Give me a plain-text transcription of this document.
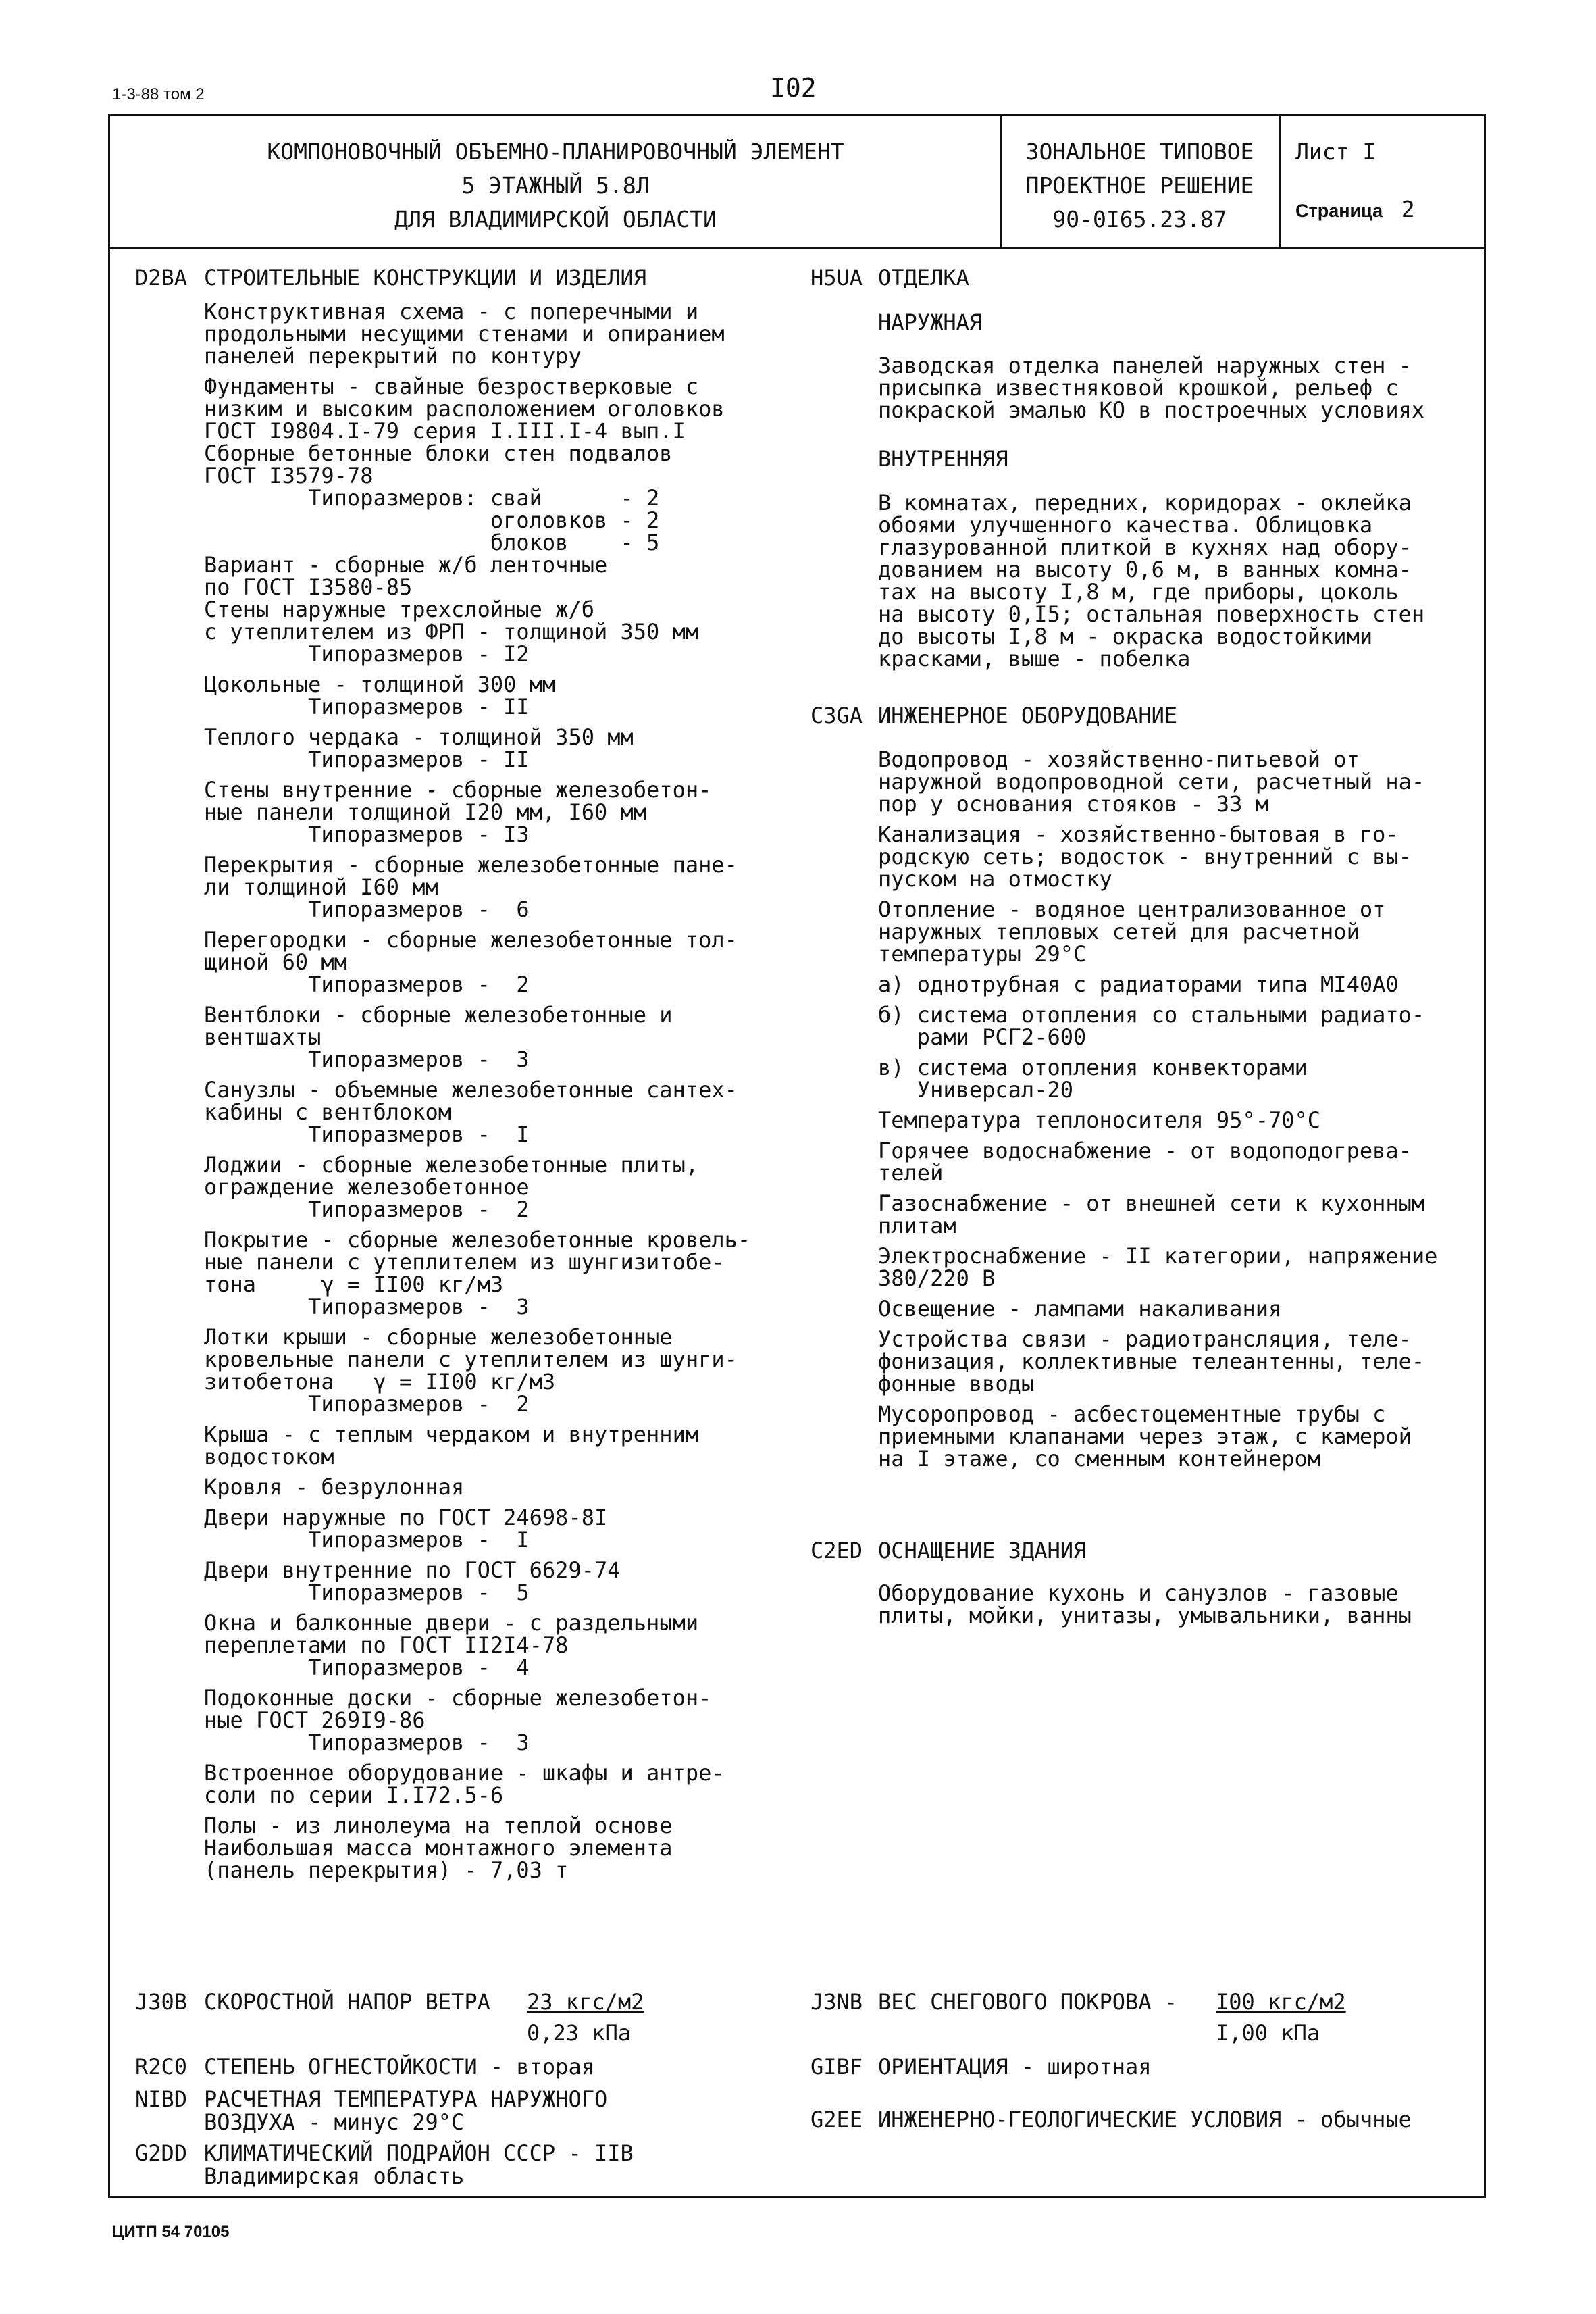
1-3-88 том 2	I02
КОМПОНОВОЧНЫЙ ОБЪЕМНО-ПЛАНИРОВОЧНЫЙ ЭЛЕМЕНТ
5 ЭТАЖНЫЙ 5.8Л
ДЛЯ ВЛАДИМИРСКОЙ ОБЛАСТИ
ЗОНАЛЬНОЕ ТИПОВОЕ
ПРОЕКТНОЕ РЕШЕНИЕ
90-0I65.23.87
Лист I
Страница 2
D2BA СТРОИТЕЛЬНЫЕ КОНСТРУКЦИИ И ИЗДЕЛИЯ
Конструктивная схема - с поперечными и
продольными несущими стенами и опиранием
панелей перекрытий по контуру
Фундаменты - свайные безростверковые с
низким и высоким расположением оголовков
ГОСТ I9804.I-79 серия I.III.I-4 вып.I
Сборные бетонные блоки стен подвалов
ГОСТ I3579-78
Типоразмеров: свай      - 2
оголовков - 2
блоков    - 5
Вариант - сборные ж/б ленточные
по ГОСТ I3580-85
Стены наружные трехслойные ж/б
с утеплителем из ФРП - толщиной 350 мм
Типоразмеров - I2
Цокольные - толщиной 300 мм
Типоразмеров - II
Теплого чердака - толщиной 350 мм
Типоразмеров - II
Стены внутренние - сборные железобетон-
ные панели толщиной I20 мм, I60 мм
Типоразмеров - I3
Перекрытия - сборные железобетонные пане-
ли толщиной I60 мм
Типоразмеров -  6
Перегородки - сборные железобетонные тол-
щиной 60 мм
Типоразмеров -  2
Вентблоки - сборные железобетонные и
вентшахты
Типоразмеров -  3
Санузлы - объемные железобетонные сантех-
кабины с вентблоком
Типоразмеров -  I
Лоджии - сборные железобетонные плиты,
ограждение железобетонное
Типоразмеров -  2
Покрытие - сборные железобетонные кровель-
ные панели с утеплителем из шунгизитобе-
тона     γ = II00 кг/м3
Типоразмеров -  3
Лотки крыши - сборные железобетонные
кровельные панели с утеплителем из шунги-
зитобетона   γ = II00 кг/м3
Типоразмеров -  2
Крыша - с теплым чердаком и внутренним
водостоком
Кровля - безрулонная
Двери наружные по ГОСТ 24698-8I
Типоразмеров -  I
Двери внутренние по ГОСТ 6629-74
Типоразмеров -  5
Окна и балконные двери - с раздельными
переплетами по ГОСТ II2I4-78
Типоразмеров -  4
Подоконные доски - сборные железобетон-
ные ГОСТ 269I9-86
Типоразмеров -  3
Встроенное оборудование - шкафы и антре-
соли по серии I.I72.5-6
Полы - из линолеума на теплой основе
Наибольшая масса монтажного элемента
(панель перекрытия) - 7,03 т
H5UA ОТДЕЛКА
НАРУЖНАЯ
Заводская отделка панелей наружных стен -
присыпка известняковой крошкой, рельеф с
покраской эмалью КО в построечных условиях
ВНУТРЕННЯЯ
В комнатах, передних, коридорах - оклейка
обоями улучшенного качества. Облицовка
глазурованной плиткой в кухнях над обору-
дованием на высоту 0,6 м, в ванных комна-
тах на высоту I,8 м, где приборы, цоколь
на высоту 0,I5; остальная поверхность стен
до высоты I,8 м - окраска водостойкими
красками, выше - побелка
C3GA ИНЖЕНЕРНОЕ ОБОРУДОВАНИЕ
Водопровод - хозяйственно-питьевой от
наружной водопроводной сети, расчетный на-
пор у основания стояков - 33 м
Канализация - хозяйственно-бытовая в го-
родскую сеть; водосток - внутренний с вы-
пуском на отмостку
Отопление - водяное централизованное от
наружных тепловых сетей для расчетной
температуры 29°С
а) однотрубная с радиаторами типа МI40А0
б) система отопления со стальными радиато-
рами РСГ2-600
в) система отопления конвекторами
Универсал-20
Температура теплоносителя 95°-70°С
Горячее водоснабжение - от водоподогрева-
телей
Газоснабжение - от внешней сети к кухонным
плитам
Электроснабжение - II категории, напряжение
380/220 В
Освещение - лампами накаливания
Устройства связи - радиотрансляция, теле-
фонизация, коллективные телеантенны, теле-
фонные вводы
Мусоропровод - асбестоцементные трубы с
приемными клапанами через этаж, с камерой
на I этаже, со сменным контейнером
C2ED ОСНАЩЕНИЕ ЗДАНИЯ
Оборудование кухонь и санузлов - газовые
плиты, мойки, унитазы, умывальники, ванны
J30B СКОРОСТНОЙ НАПОР ВЕТРА 23 кгс/м2
0,23 кПа
R2C0 СТЕПЕНЬ ОГНЕСТОЙКОСТИ - вторая
NIBD РАСЧЕТНАЯ ТЕМПЕРАТУРА НАРУЖНОГО
ВОЗДУХА - минус 29°С
G2DD КЛИМАТИЧЕСКИЙ ПОДРАЙОН СССР - IIВ
Владимирская область
J3NB ВЕС СНЕГОВОГО ПОКРОВА - I00 кгс/м2
I,00 кПа
GIBF ОРИЕНТАЦИЯ - широтная
G2EE ИНЖЕНЕРНО-ГЕОЛОГИЧЕСКИЕ УСЛОВИЯ - обычные
ЦИТП 54 70105
